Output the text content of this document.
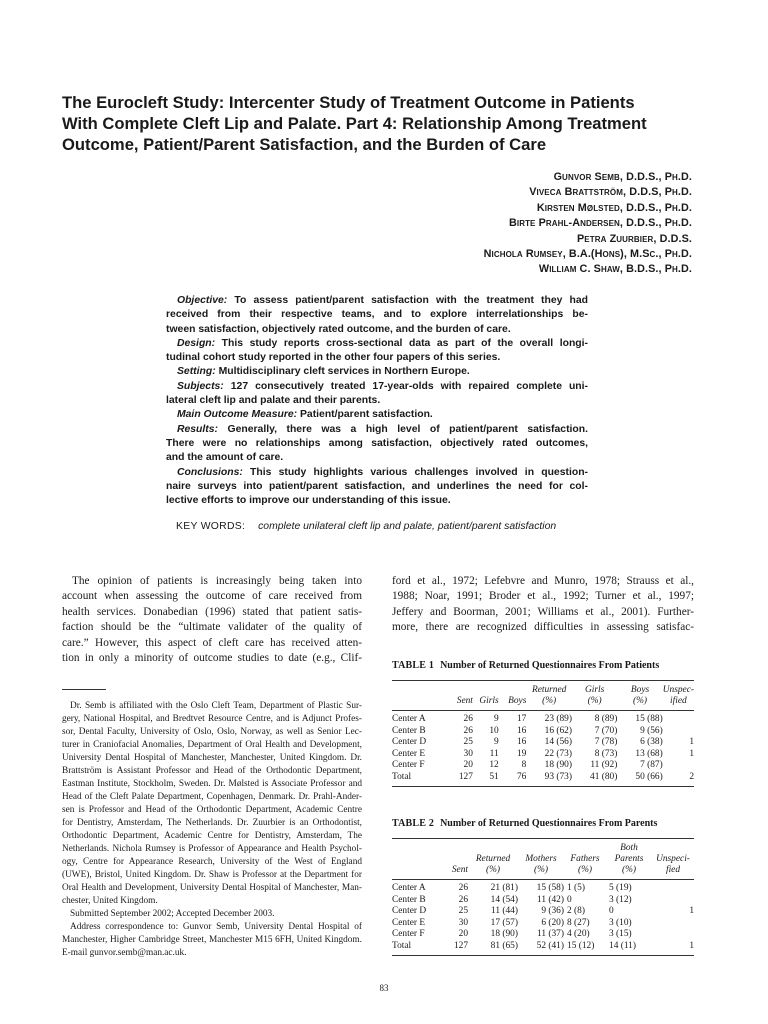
The Eurocleft Study: Intercenter Study of Treatment Outcome in Patients
With Complete Cleft Lip and Palate. Part 4: Relationship Among Treatment
Outcome, Patient/Parent Satisfaction, and the Burden of Care
Gunvor Semb, D.D.S., Ph.D.
Viveca Brattström, D.D.S, Ph.D.
Kirsten Mølsted, D.D.S., Ph.D.
Birte Prahl-Andersen, D.D.S., Ph.D.
Petra Zuurbier, D.D.S.
Nichola Rumsey, B.A.(Hons), M.Sc., Ph.D.
William C. Shaw, B.D.S., Ph.D.
Objective: To assess patient/parent satisfaction with the treatment they had
received from their respective teams, and to explore interrelationships be-
tween satisfaction, objectively rated outcome, and the burden of care.
Design: This study reports cross-sectional data as part of the overall longi-
tudinal cohort study reported in the other four papers of this series.
Setting: Multidisciplinary cleft services in Northern Europe.
Subjects: 127 consecutively treated 17-year-olds with repaired complete uni-
lateral cleft lip and palate and their parents.
Main Outcome Measure: Patient/parent satisfaction.
Results: Generally, there was a high level of patient/parent satisfaction.
There were no relationships among satisfaction, objectively rated outcomes,
and the amount of care.
Conclusions: This study highlights various challenges involved in question-
naire surveys into patient/parent satisfaction, and underlines the need for col-
lective efforts to improve our understanding of this issue.
KEY WORDS: complete unilateral cleft lip and palate, patient/parent satisfaction
The opinion of patients is increasingly being taken into
account when assessing the outcome of care received from
health services. Donabedian (1996) stated that patient satis-
faction should be the “ultimate validater of the quality of
care.” However, this aspect of cleft care has received atten-
tion in only a minority of outcome studies to date (e.g., Clif-
Dr. Semb is affiliated with the Oslo Cleft Team, Department of Plastic Sur-
gery, National Hospital, and Bredtvet Resource Centre, and is Adjunct Profes-
sor, Dental Faculty, University of Oslo, Oslo, Norway, as well as Senior Lec-
turer in Craniofacial Anomalies, Department of Oral Health and Development,
University Dental Hospital of Manchester, Manchester, United Kingdom. Dr.
Brattström is Assistant Professor and Head of the Orthodontic Department,
Eastman Institute, Stockholm, Sweden. Dr. Mølsted is Associate Professor and
Head of the Cleft Palate Department, Copenhagen, Denmark. Dr. Prahl-Ander-
sen is Professor and Head of the Orthodontic Department, Academic Centre
for Dentistry, Amsterdam, The Netherlands. Dr. Zuurbier is an Orthodontist,
Orthodontic Department, Academic Centre for Dentistry, Amsterdam, The
Netherlands. Nichola Rumsey is Professor of Appearance and Health Psychol-
ogy, Centre for Appearance Research, University of the West of England
(UWE), Bristol, United Kingdom. Dr. Shaw is Professor at the Department for
Oral Health and Development, University Dental Hospital of Manchester, Man-
chester, United Kingdom.
Submitted September 2002; Accepted December 2003.
Address correspondence to: Gunvor Semb, University Dental Hospital of
Manchester, Higher Cambridge Street, Manchester M15 6FH, United Kingdom.
E-mail gunvor.semb@man.ac.uk.
ford et al., 1972; Lefebvre and Munro, 1978; Strauss et al.,
1988; Noar, 1991; Broder et al., 1992; Turner et al., 1997;
Jeffery and Boorman, 2001; Williams et al., 2001). Further-
more, there are recognized difficulties in assessing satisfac-
TABLE 1 Number of Returned Questionnaires From Patients

	Sent	Girls	Boys	Returned
(%)	Girls
(%)	Boys
(%)	Unspec-
ified
Center A	26	9	17	23 (89)	8 (89)	15 (88)	
Center B	26	10	16	16 (62)	7 (70)	9 (56)	
Center D	25	9	16	14 (56)	7 (78)	6 (38)	1
Center E	30	11	19	22 (73)	8 (73)	13 (68)	1
Center F	20	12	8	18 (90)	11 (92)	7 (87)	
Total	127	51	76	93 (73)	41 (80)	50 (66)	2
TABLE 2 Number of Returned Questionnaires From Parents

	Sent	Returned
(%)	Mothers
(%)	Fathers
(%)	Both
Parents
(%)	Unspeci-
fied
Center A	26	21 (81)	15 (58)	1 (5)	5 (19)	
Center B	26	14 (54)	11 (42)	0	3 (12)	
Center D	25	11 (44)	9 (36)	2 (8)	0	1
Center E	30	17 (57)	6 (20)	8 (27)	3 (10)	
Center F	20	18 (90)	11 (37)	4 (20)	3 (15)	
Total	127	81 (65)	52 (41)	15 (12)	14 (11)	1
83
